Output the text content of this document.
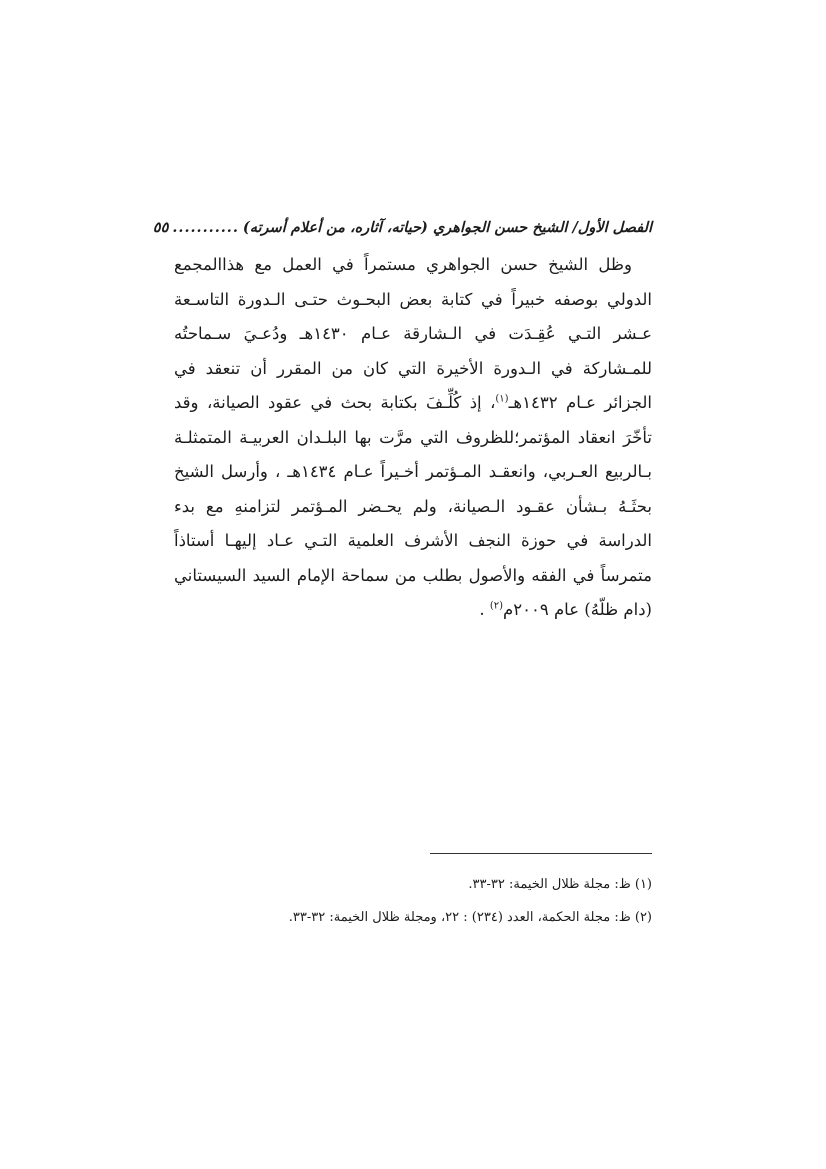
الفصل الأول/ الشيخ حسن الجواهري (حياته، آثاره، من أعلام أسرته)
...........
٥٥

وظل الشيخ حسن الجواهري مستمراً في العمل مع هذاالمجمع الدولي بوصفه خبيراً في كتابة بعض البحـوث حتـى الـدورة التاسـعة عـشر التـي عُقِـدَت في الـشارقة عـام ١٤٣٠هـ ودُعـيَ سـماحتُه للمـشاركة في الـدورة الأخيرة التي كان من المقرر أن تنعقد في الجزائر عـام ١٤٣٢هـ$^{(١)}$، إذ كُلِّـفَ بكتابة بحث في عقود الصيانة، وقد تأخّرَ انعقاد المؤتمر؛للظروف التي مرَّت بها البلـدان العربيـة المتمثلـة بـالربيع العـربي، وانعقـد المـؤتمر أخـيراً عـام ١٤٣٤هـ ، وأرسل الشيخ بحثَـهُ بـشأن عقـود الـصيانة، ولم يحـضر المـؤتمر لتزامنهِ مع بدء الدراسة في حوزة النجف الأشرف العلمية التـي عـاد إليهـا أستاذاً متمرساً في الفقه والأصول بطلب من سماحة الإمام السيد السيستاني (دام ظلّهُ) عام ٢٠٠٩م$^{(٢)}$ .

(١) ظ: مجلة ظلال الخيمة: ٣٢-٣٣.

(٢) ظ: مجلة الحكمة، العدد (٢٣٤) : ٢٢، ومجلة ظلال الخيمة: ٣٢-٣٣.
